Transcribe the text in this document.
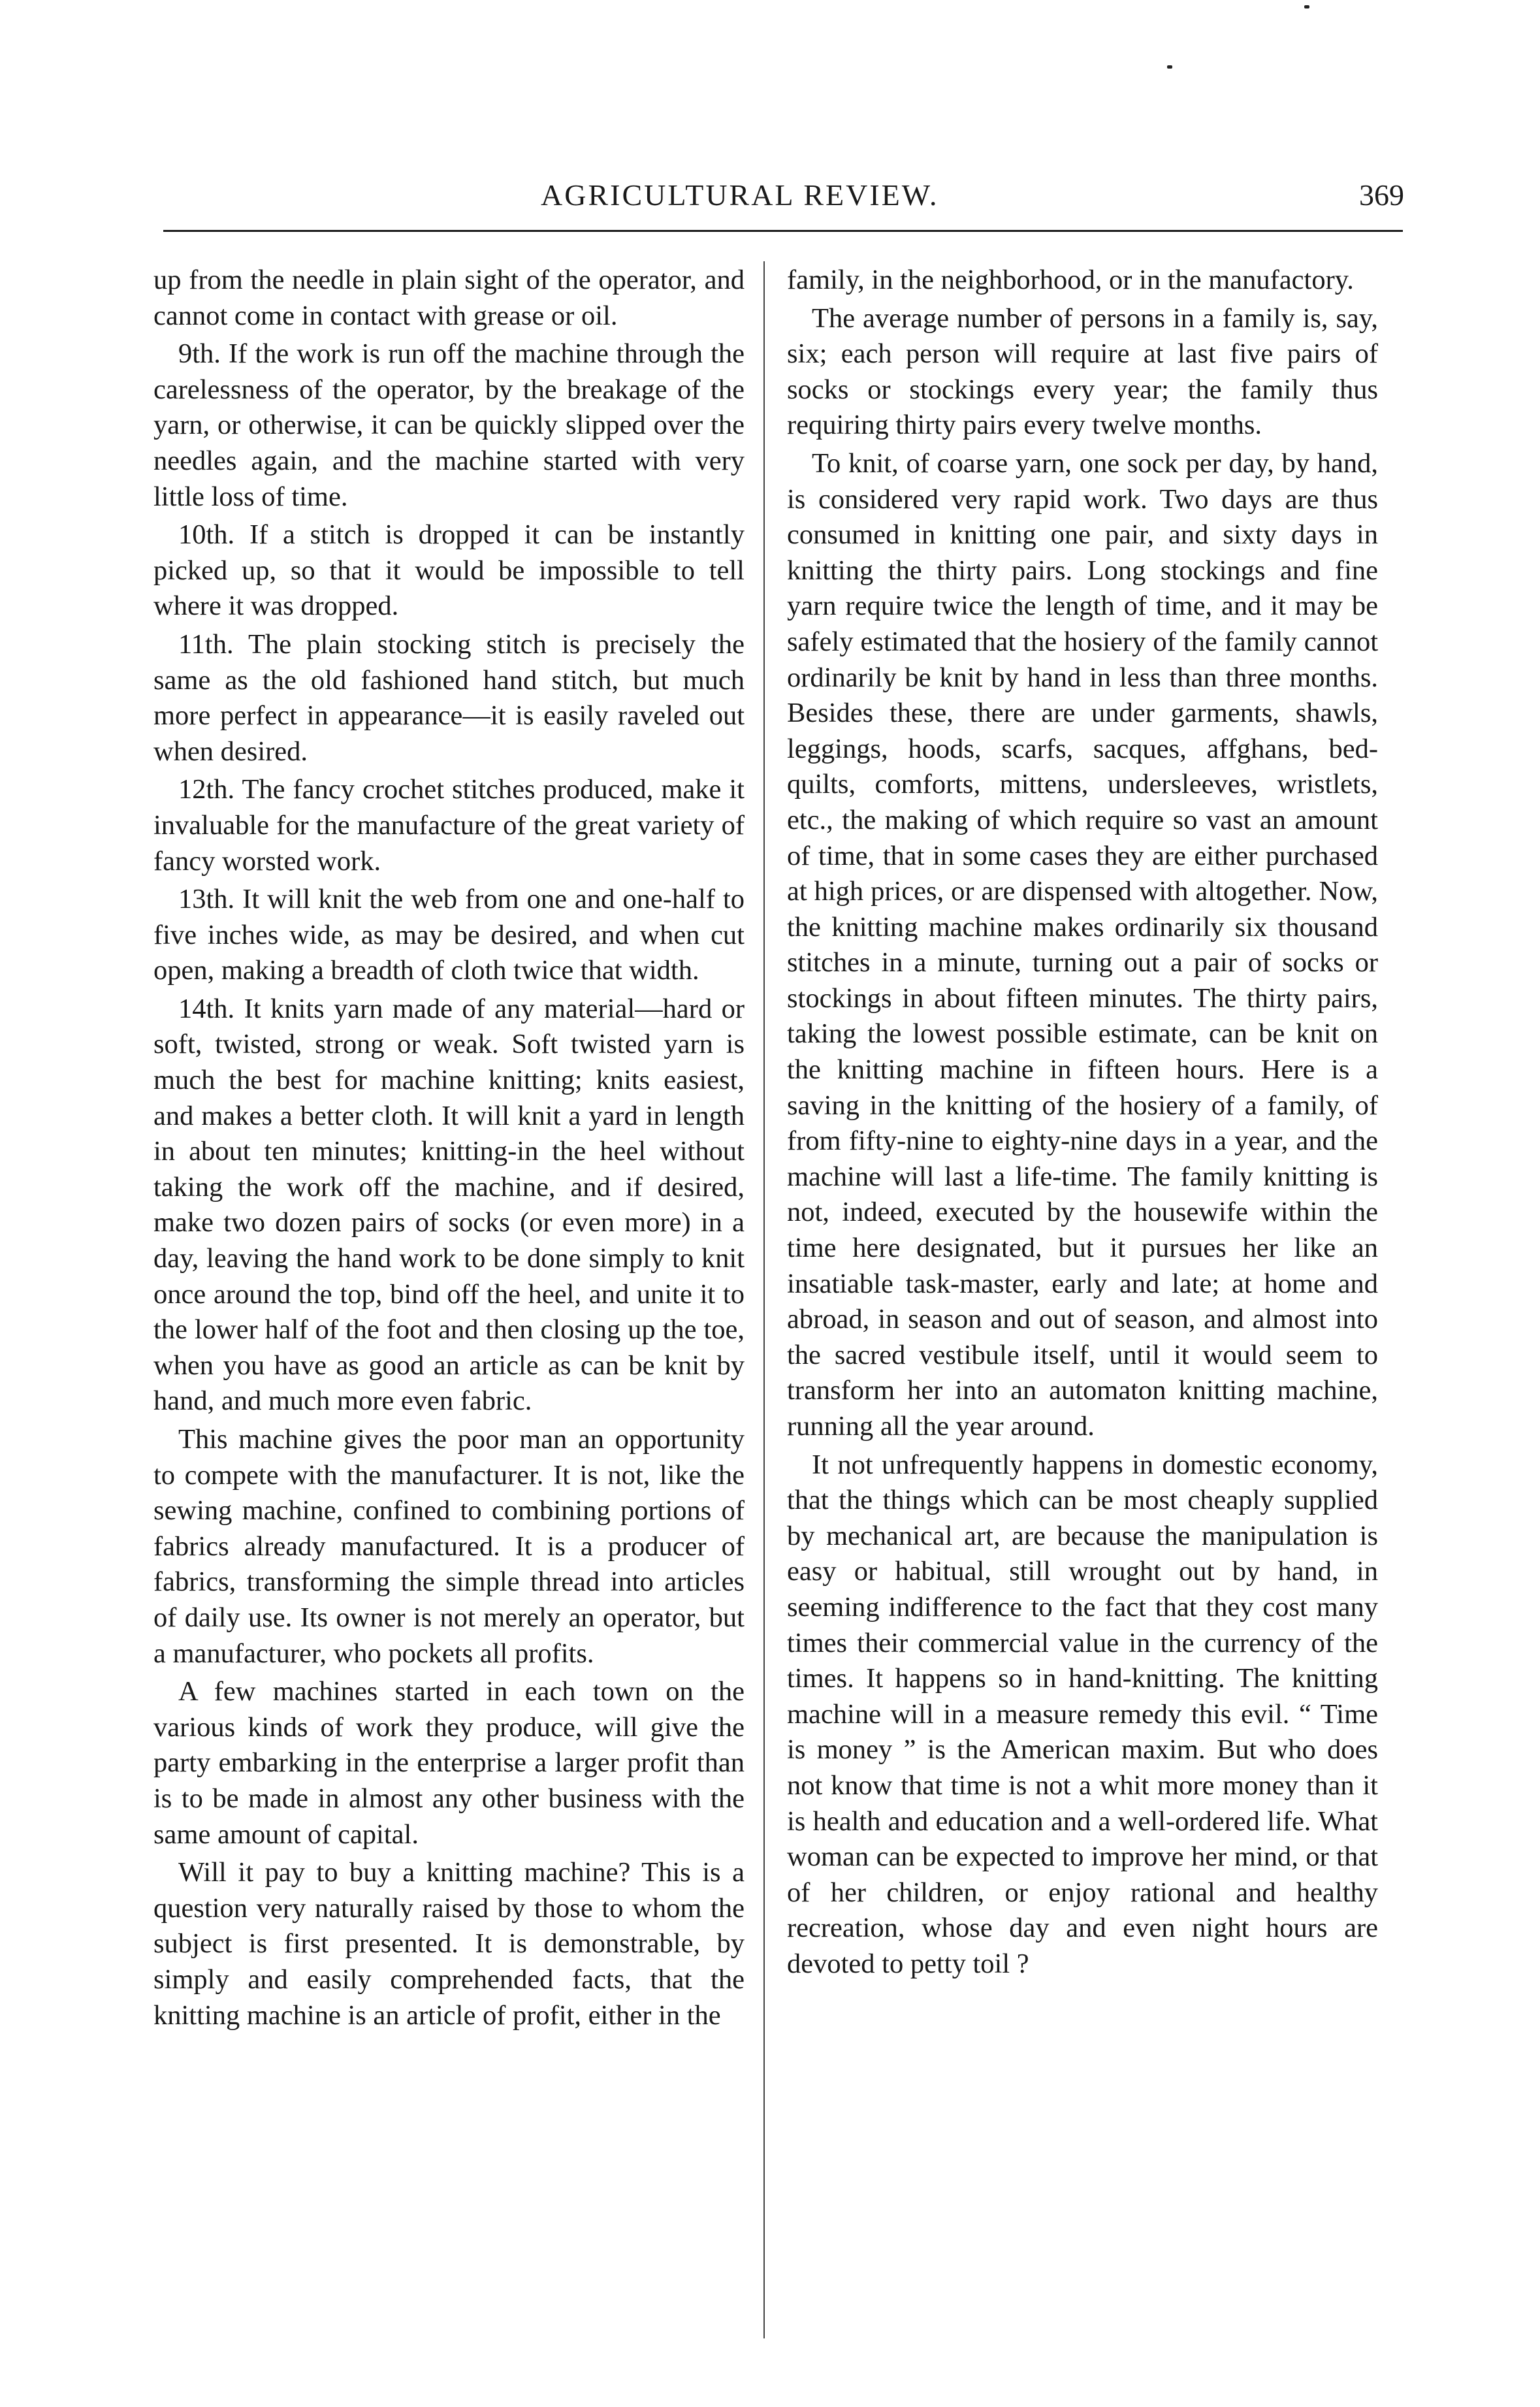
AGRICULTURAL REVIEW.	369

up from the needle in plain sight of the operator, and cannot come in contact with grease or oil.

9th. If the work is run off the machine through the carelessness of the operator, by the breakage of the yarn, or otherwise, it can be quickly slipped over the needles again, and the machine started with very little loss of time.

10th. If a stitch is dropped it can be instantly picked up, so that it would be impossible to tell where it was dropped.

11th. The plain stocking stitch is precisely the same as the old fashioned hand stitch, but much more perfect in appearance—it is easily raveled out when desired.

12th. The fancy crochet stitches produced, make it invaluable for the manufacture of the great variety of fancy worsted work.

13th. It will knit the web from one and one-half to five inches wide, as may be desired, and when cut open, making a breadth of cloth twice that width.

14th. It knits yarn made of any material—hard or soft, twisted, strong or weak. Soft twisted yarn is much the best for machine knitting; knits easiest, and makes a better cloth. It will knit a yard in length in about ten minutes; knitting-in the heel without taking the work off the machine, and if desired, make two dozen pairs of socks (or even more) in a day, leaving the hand work to be done simply to knit once around the top, bind off the heel, and unite it to the lower half of the foot and then closing up the toe, when you have as good an article as can be knit by hand, and much more even fabric.

This machine gives the poor man an opportunity to compete with the manufacturer. It is not, like the sewing machine, confined to combining portions of fabrics already manufactured. It is a producer of fabrics, transforming the simple thread into articles of daily use. Its owner is not merely an operator, but a manufacturer, who pockets all profits.

A few machines started in each town on the various kinds of work they produce, will give the party embarking in the enterprise a larger profit than is to be made in almost any other business with the same amount of capital.

Will it pay to buy a knitting machine? This is a question very naturally raised by those to whom the subject is first presented. It is demonstrable, by simply and easily comprehended facts, that the knitting machine is an article of profit, either in the

family, in the neighborhood, or in the manufactory.

The average number of persons in a family is, say, six; each person will require at last five pairs of socks or stockings every year; the family thus requiring thirty pairs every twelve months.

To knit, of coarse yarn, one sock per day, by hand, is considered very rapid work. Two days are thus consumed in knitting one pair, and sixty days in knitting the thirty pairs. Long stockings and fine yarn require twice the length of time, and it may be safely estimated that the hosiery of the family cannot ordinarily be knit by hand in less than three months. Besides these, there are under garments, shawls, leggings, hoods, scarfs, sacques, affghans, bed-quilts, comforts, mittens, undersleeves, wristlets, etc., the making of which require so vast an amount of time, that in some cases they are either purchased at high prices, or are dispensed with altogether. Now, the knitting machine makes ordinarily six thousand stitches in a minute, turning out a pair of socks or stockings in about fifteen minutes. The thirty pairs, taking the lowest possible estimate, can be knit on the knitting machine in fifteen hours. Here is a saving in the knitting of the hosiery of a family, of from fifty-nine to eighty-nine days in a year, and the machine will last a life-time. The family knitting is not, indeed, executed by the housewife within the time here designated, but it pursues her like an insatiable task-master, early and late; at home and abroad, in season and out of season, and almost into the sacred vestibule itself, until it would seem to transform her into an automaton knitting machine, running all the year around.

It not unfrequently happens in domestic economy, that the things which can be most cheaply supplied by mechanical art, are because the manipulation is easy or habitual, still wrought out by hand, in seeming indifference to the fact that they cost many times their commercial value in the currency of the times. It happens so in hand-knitting. The knitting machine will in a measure remedy this evil. “ Time is money ” is the American maxim. But who does not know that time is not a whit more money than it is health and education and a well-ordered life. What woman can be expected to improve her mind, or that of her children, or enjoy rational and healthy recreation, whose day and even night hours are devoted to petty toil ?
